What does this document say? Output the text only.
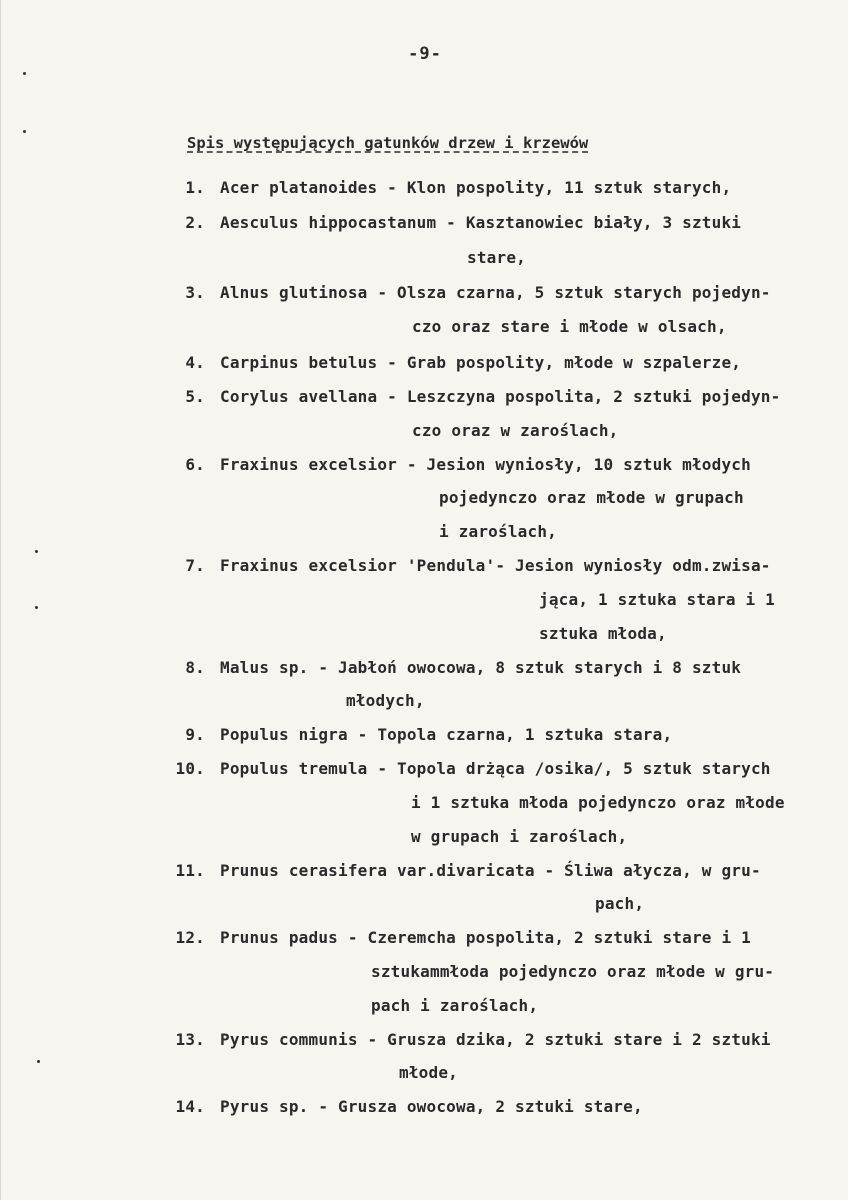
-9-
Spis występujących gatunków drzew i krzewów
1. Acer platanoides - Klon pospolity, 11 sztuk starych,
2. Aesculus hippocastanum - Kasztanowiec biały, 3 sztuki
stare,
3. Alnus glutinosa - Olsza czarna, 5 sztuk starych pojedyn-
czo oraz stare i młode w olsach,
4. Carpinus betulus - Grab pospolity, młode w szpalerze,
5. Corylus avellana - Leszczyna pospolita, 2 sztuki pojedyn-
czo oraz w zaroślach,
6. Fraxinus excelsior - Jesion wyniosły, 10 sztuk młodych
pojedynczo oraz młode w grupach
i zaroślach,
7. Fraxinus excelsior 'Pendula'- Jesion wyniosły odm.zwisa-
jąca, 1 sztuka stara i 1
sztuka młoda,
8. Malus sp. - Jabłoń owocowa, 8 sztuk starych i 8 sztuk
młodych,
9. Populus nigra - Topola czarna, 1 sztuka stara,
10. Populus tremula - Topola drżąca /osika/, 5 sztuk starych
i 1 sztuka młoda pojedynczo oraz młode
w grupach i zaroślach,
11. Prunus cerasifera var.divaricata - Śliwa ałycza, w gru-
pach,
12. Prunus padus - Czeremcha pospolita, 2 sztuki stare i 1
sztukammłoda pojedynczo oraz młode w gru-
pach i zaroślach,
13. Pyrus communis - Grusza dzika, 2 sztuki stare i 2 sztuki
młode,
14. Pyrus sp. - Grusza owocowa, 2 sztuki stare,
